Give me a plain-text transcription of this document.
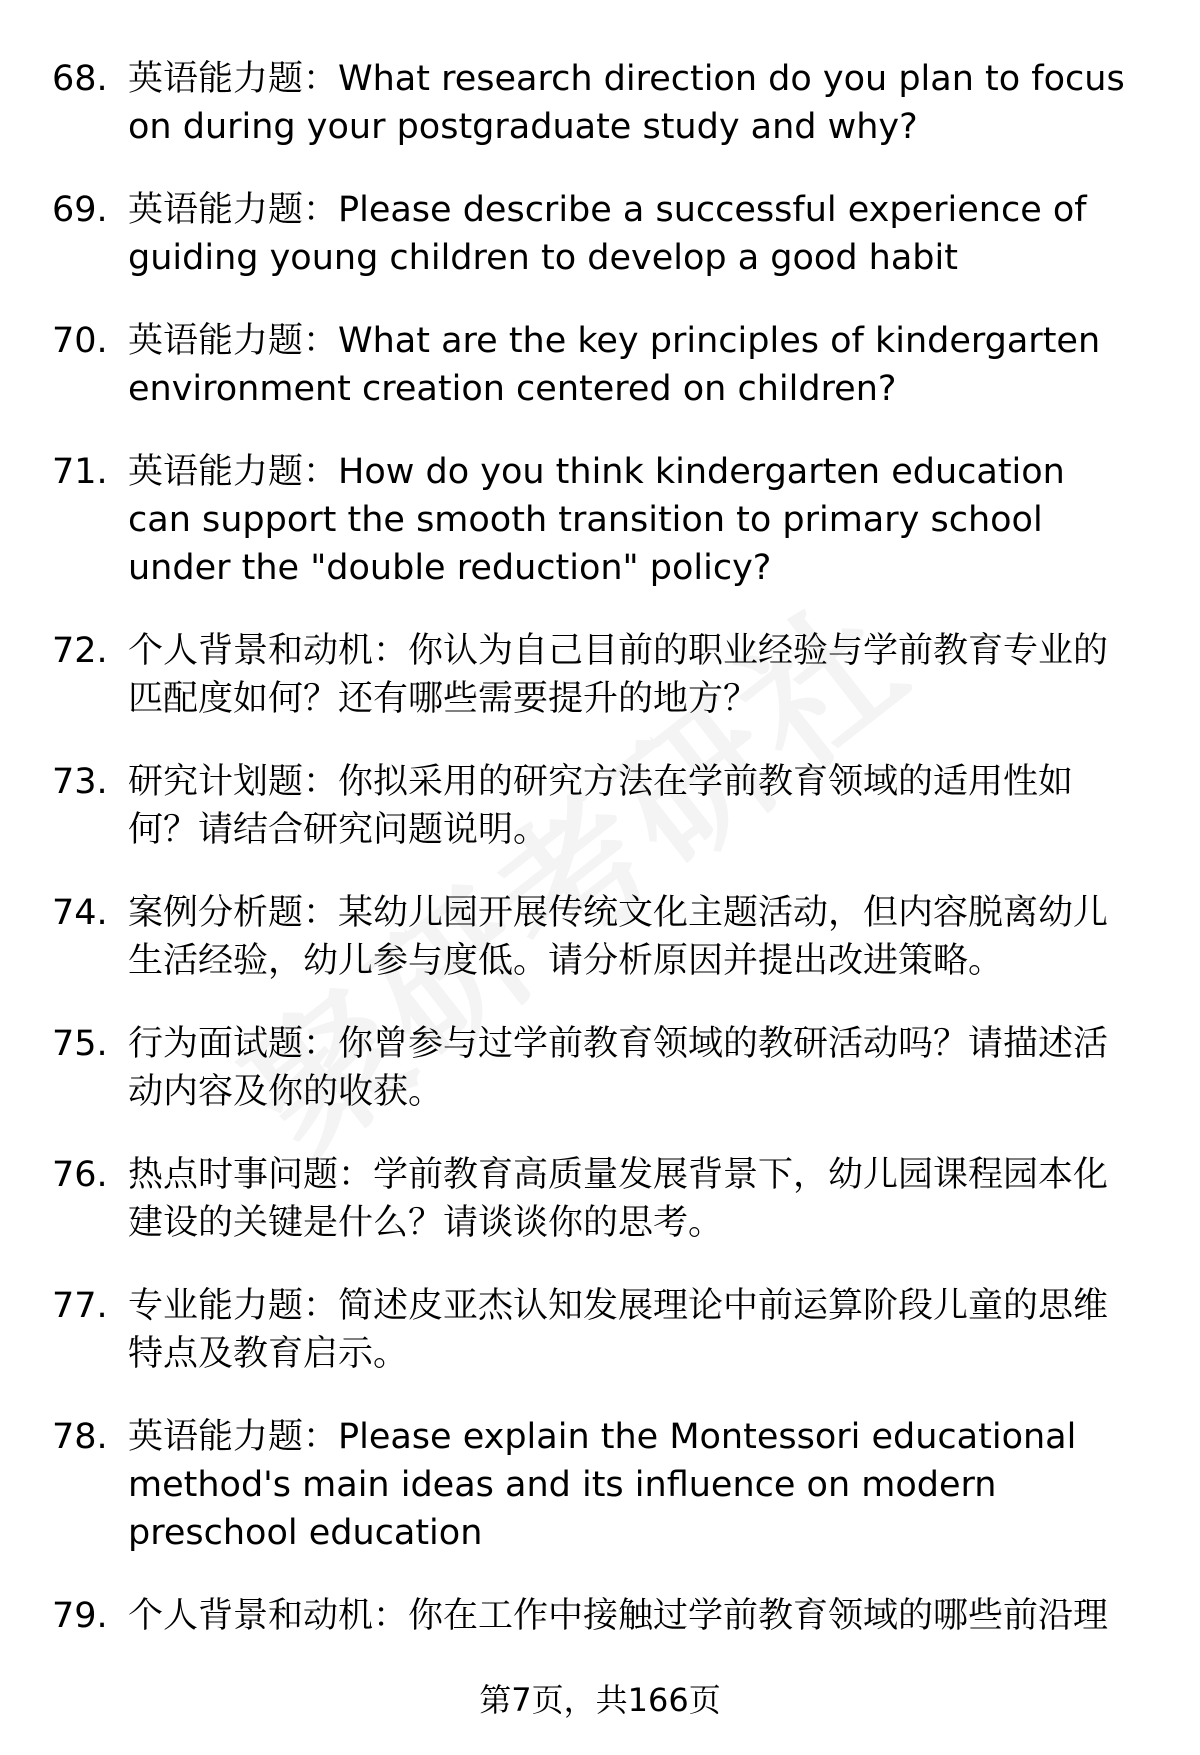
68. 英语能力题：What research direction do you plan to focus on during your postgraduate study and why?
69. 英语能力题：Please describe a successful experience of guiding young children to develop a good habit
70. 英语能力题：What are the key principles of kindergarten environment creation centered on children?
71. 英语能力题：How do you think kindergarten education can support the smooth transition to primary school under the "double reduction" policy?
72. 个人背景和动机：你认为自己目前的职业经验与学前教育专业的匹配度如何？还有哪些需要提升的地方？
73. 研究计划题：你拟采用的研究方法在学前教育领域的适用性如何？请结合研究问题说明。
74. 案例分析题：某幼儿园开展传统文化主题活动，但内容脱离幼儿生活经验，幼儿参与度低。请分析原因并提出改进策略。
75. 行为面试题：你曾参与过学前教育领域的教研活动吗？请描述活动内容及你的收获。
76. 热点时事问题：学前教育高质量发展背景下，幼儿园课程园本化建设的关键是什么？请谈谈你的思考。
77. 专业能力题：简述皮亚杰认知发展理论中前运算阶段儿童的思维特点及教育启示。
78. 英语能力题：Please explain the Montessori educational method's main ideas and its influence on modern preschool education
79. 个人背景和动机：你在工作中接触过学前教育领域的哪些前沿理
第7页，共166页
